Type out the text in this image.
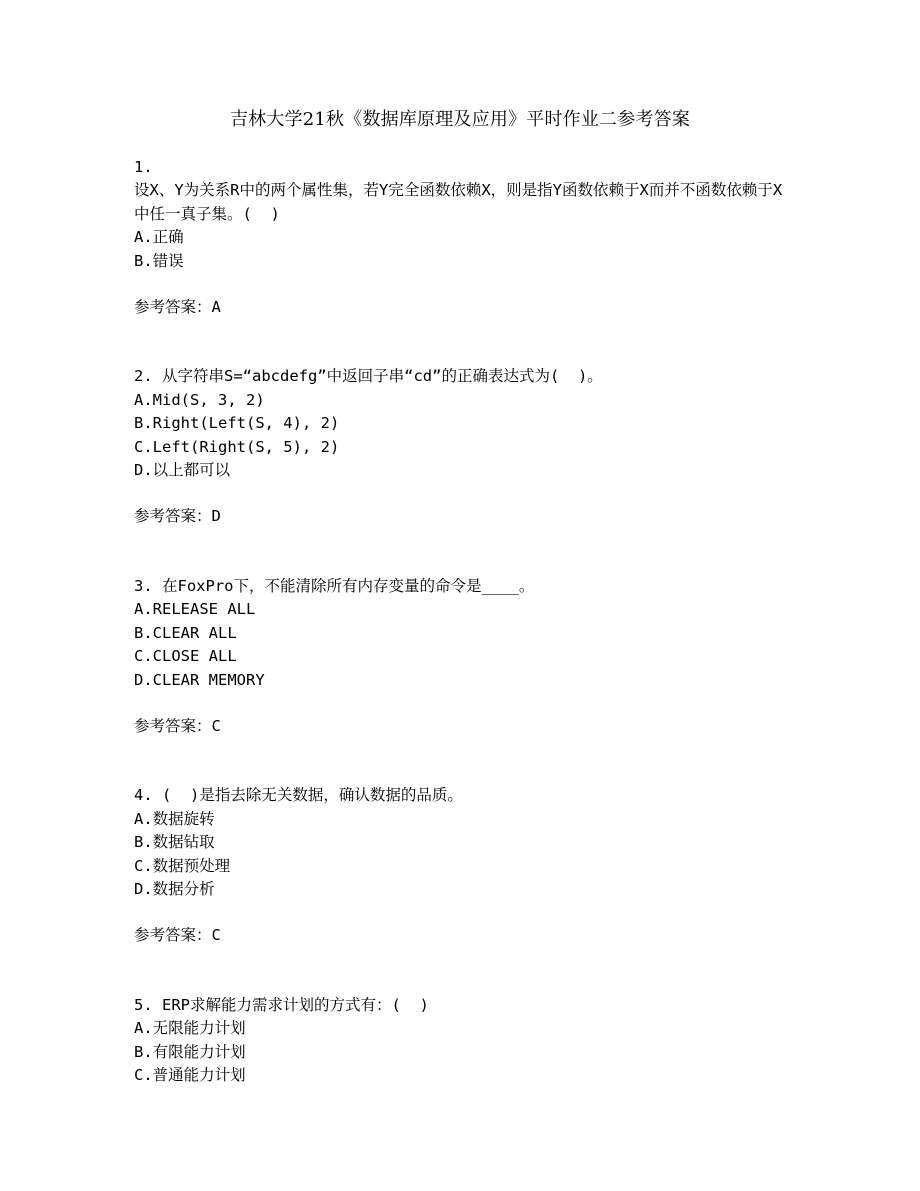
吉林大学21秋《数据库原理及应用》平时作业二参考答案
1.
设X、Y为关系R中的两个属性集，若Y完全函数依赖X，则是指Y函数依赖于X而并不函数依赖于X中任一真子集。(  )
A.正确
B.错误
参考答案：A
2. 从字符串S=“abcdefg”中返回子串“cd”的正确表达式为(  )。
A.Mid(S, 3, 2)
B.Right(Left(S, 4), 2)
C.Left(Right(S, 5), 2)
D.以上都可以
参考答案：D
3. 在FoxPro下，不能清除所有内存变量的命令是____。
A.RELEASE ALL
B.CLEAR ALL
C.CLOSE ALL
D.CLEAR MEMORY
参考答案：C
4. (  )是指去除无关数据，确认数据的品质。
A.数据旋转
B.数据钻取
C.数据预处理
D.数据分析
参考答案：C
5. ERP求解能力需求计划的方式有：(  )
A.无限能力计划
B.有限能力计划
C.普通能力计划
